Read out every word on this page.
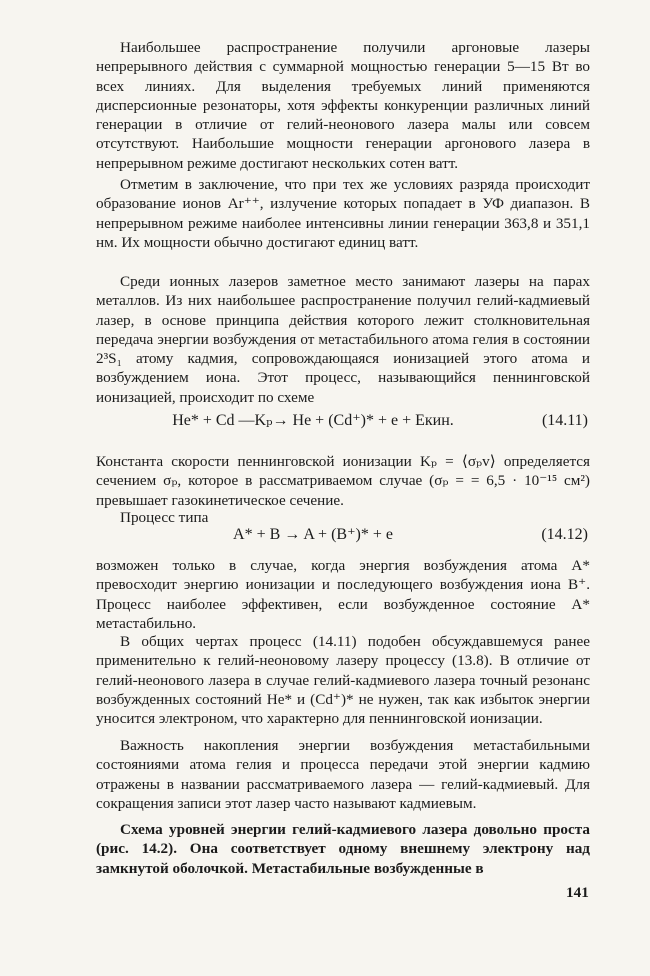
Наибольшее распространение получили аргоновые лазеры непрерывного действия с суммарной мощностью генерации 5—15 Вт во всех линиях. Для выделения требуемых линий применяются дисперсионные резонаторы, хотя эффекты конкуренции различных линий генерации в отличие от гелий-неонового лазера малы или совсем отсутствуют. Наибольшие мощности генерации аргонового лазера в непрерывном режиме достигают нескольких сотен ватт.

Отметим в заключение, что при тех же условиях разряда происходит образование ионов Ar⁺⁺, излучение которых попадает в УФ диапазон. В непрерывном режиме наиболее интенсивны линии генерации 363,8 и 351,1 нм. Их мощности обычно достигают единиц ватт.

Среди ионных лазеров заметное место занимают лазеры на парах металлов. Из них наибольшее распространение получил гелий-кадмиевый лазер, в основе принципа действия которого лежит столкновительная передача энергии возбуждения от метастабильного атома гелия в состоянии 2³S₁ атому кадмия, сопровождающаяся ионизацией этого атома и возбуждением иона. Этот процесс, называющийся пеннинговской ионизацией, происходит по схеме

He* + Cd —Kₚ→ He + (Cd⁺)* + e + Eкин.	(14.11)

Константа скорости пеннинговской ионизации Kₚ = ⟨σₚv⟩ определяется сечением σₚ, которое в рассматриваемом случае (σₚ = = 6,5 · 10⁻¹⁵ см²) превышает газокинетическое сечение.

Процесс типа
A* + B → A + (B⁺)* + e	(14.12)

возможен только в случае, когда энергия возбуждения атома A* превосходит энергию ионизации и последующего возбуждения иона B⁺. Процесс наиболее эффективен, если возбужденное состояние A* метастабильно.

В общих чертах процесс (14.11) подобен обсуждавшемуся ранее применительно к гелий-неоновому лазеру процессу (13.8). В отличие от гелий-неонового лазера в случае гелий-кадмиевого лазера точный резонанс возбужденных состояний He* и (Cd⁺)* не нужен, так как избыток энергии уносится электроном, что характерно для пеннинговской ионизации.

Важность накопления энергии возбуждения метастабильными состояниями атома гелия и процесса передачи этой энергии кадмию отражены в названии рассматриваемого лазера — гелий-кадмиевый. Для сокращения записи этот лазер часто называют кадмиевым.

Схема уровней энергии гелий-кадмиевого лазера довольно проста (рис. 14.2). Она соответствует одному внешнему электрону над замкнутой оболочкой. Метастабильные возбужденные в

141
